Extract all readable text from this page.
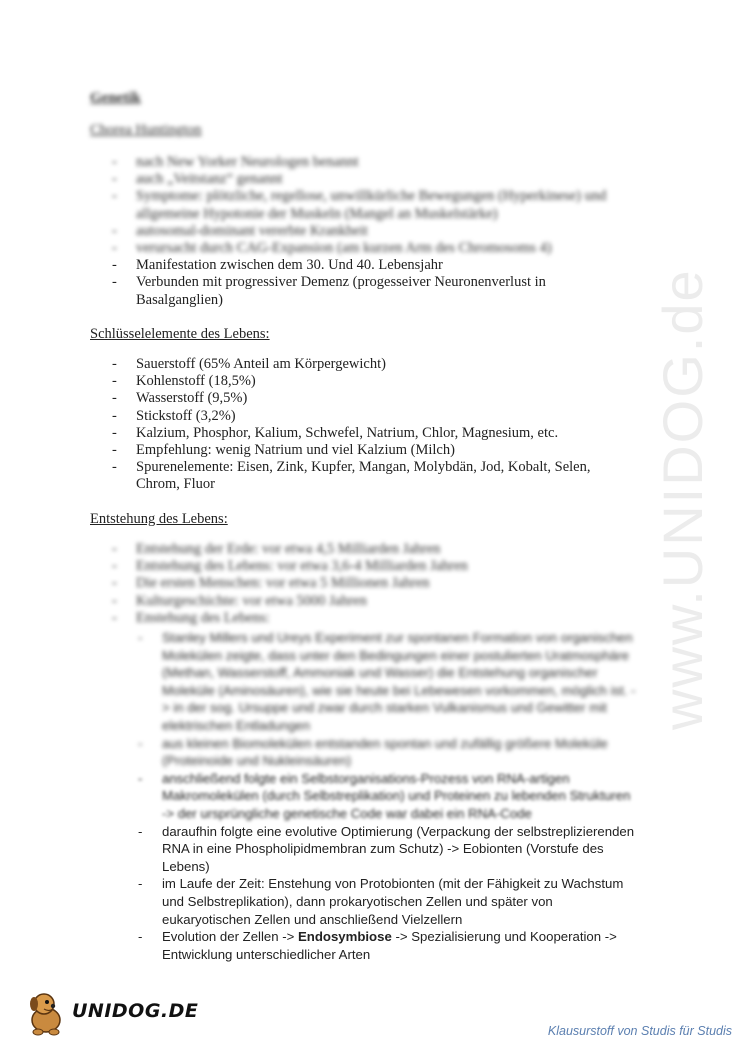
www.UNIDOG.de
Genetik
Chorea Huntington
- nach New Yorker Neurologen benannt
- auch „Veitstanz“ genannt
- Symptome: plötzliche, regellose, unwillkürliche Bewegungen (Hyperkinese) und allgemeine Hypotonie der Muskeln (Mangel an Muskelstärke)
- autosomal-dominant vererbte Krankheit
- verursacht durch CAG-Expansion (am kurzen Arm des Chromosoms 4)
- Manifestation zwischen dem 30. Und 40. Lebensjahr
- Verbunden mit progressiver Demenz (progesseiver Neuronenverlust in Basalganglien)
Schlüsselelemente des Lebens:
- Sauerstoff (65% Anteil am Körpergewicht)
- Kohlenstoff (18,5%)
- Wasserstoff (9,5%)
- Stickstoff (3,2%)
- Kalzium, Phosphor, Kalium, Schwefel, Natrium, Chlor, Magnesium, etc.
- Empfehlung: wenig Natrium und viel Kalzium (Milch)
- Spurenelemente: Eisen, Zink, Kupfer, Mangan, Molybdän, Jod, Kobalt, Selen, Chrom, Fluor
Entstehung des Lebens:
- Entstehung der Erde: vor etwa 4,5 Milliarden Jahren
- Entstehung des Lebens: vor etwa 3,6-4 Milliarden Jahren
- Die ersten Menschen: vor etwa 5 Millionen Jahren
- Kulturgeschichte: vor etwa 5000 Jahren
- Enstehung des Lebens:
- Stanley Millers und Ureys Experiment zur spontanen Formation von organischen Molekülen zeigte, dass unter den Bedingungen einer postulierten Uratmosphäre (Methan, Wasserstoff, Ammoniak und Wasser) die Entstehung organischer Moleküle (Aminosäuren), wie sie heute bei Lebewesen vorkommen, möglich ist. -> in der sog. Ursuppe und zwar durch starken Vulkanismus und Gewitter mit elektrischen Entladungen
- aus kleinen Biomolekülen entstanden spontan und zufällig größere Moleküle (Proteinoide und Nukleinsäuren)
- anschließend folgte ein Selbstorganisations-Prozess von RNA-artigen Makromolekülen (durch Selbstreplikation) und Proteinen zu lebenden Strukturen -> der ursprüngliche genetische Code war dabei ein RNA-Code
- daraufhin folgte eine evolutive Optimierung (Verpackung der selbstreplizierenden RNA in eine Phospholipidmembran zum Schutz) -> Eobionten (Vorstufe des Lebens)
- im Laufe der Zeit: Enstehung von Protobionten (mit der Fähigkeit zu Wachstum und Selbstreplikation), dann prokaryotischen Zellen und später von eukaryotischen Zellen und anschließend Vielzellern
- Evolution der Zellen -> Endosymbiose -> Spezialisierung und Kooperation -> Entwicklung unterschiedlicher Arten
UNIDOG.DE
Klausurstoff von Studis für Studis
